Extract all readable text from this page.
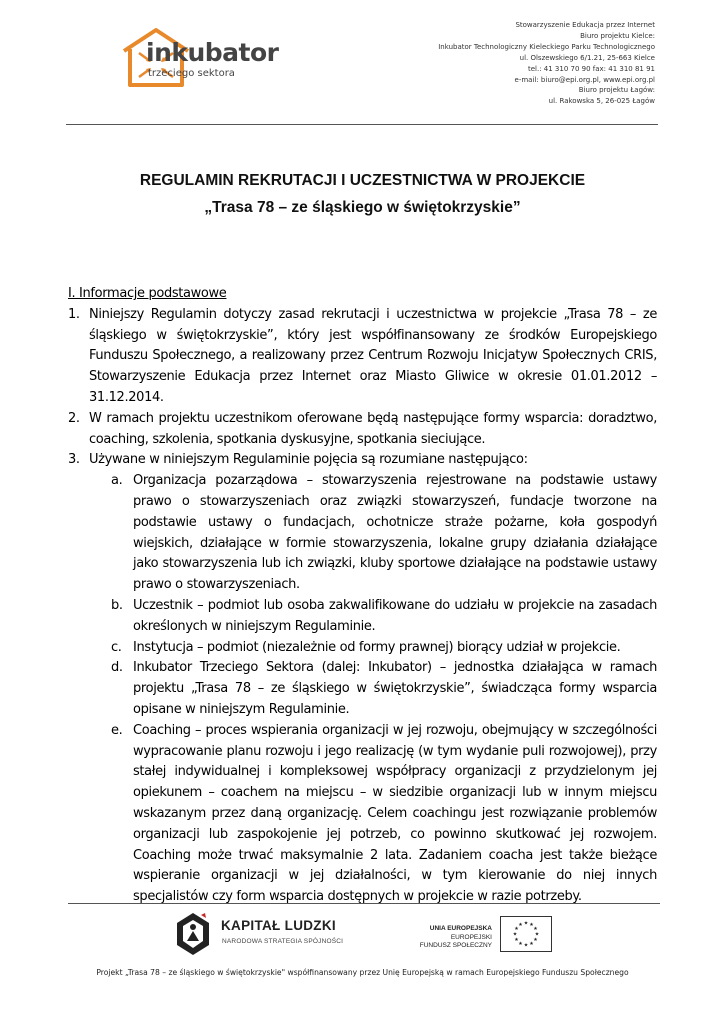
inkubator
trzeciego sektora
Stowarzyszenie Edukacja przez Internet
Biuro projektu Kielce:
Inkubator Technologiczny Kieleckiego Parku Technologicznego
ul. Olszewskiego 6/1.21, 25-663 Kielce
tel.: 41 310 70 90 fax: 41 310 81 91
e-mail: biuro@epi.org.pl, www.epi.org.pl
Biuro projektu Łagów:
ul. Rakowska 5, 26-025 Łagów
REGULAMIN REKRUTACJI I UCZESTNICTWA W PROJEKCIE
„Trasa 78 – ze śląskiego w świętokrzyskie”
I. Informacje podstawowe
1. Niniejszy Regulamin dotyczy zasad rekrutacji i uczestnictwa w projekcie „Trasa 78 – ze śląskiego w świętokrzyskie”, który jest współfinansowany ze środków Europejskiego Funduszu Społecznego, a realizowany przez Centrum Rozwoju Inicjatyw Społecznych CRIS, Stowarzyszenie Edukacja przez Internet oraz Miasto Gliwice w okresie 01.01.2012 – 31.12.2014.
2. W ramach projektu uczestnikom oferowane będą następujące formy wsparcia: doradztwo, coaching, szkolenia, spotkania dyskusyjne, spotkania sieciujące.
3. Używane w niniejszym Regulaminie pojęcia są rozumiane następująco:
a. Organizacja pozarządowa – stowarzyszenia rejestrowane na podstawie ustawy prawo o stowarzyszeniach oraz związki stowarzyszeń, fundacje tworzone na podstawie ustawy o fundacjach, ochotnicze straże pożarne, koła gospodyń wiejskich, działające w formie stowarzyszenia, lokalne grupy działania działające jako stowarzyszenia lub ich związki, kluby sportowe działające na podstawie ustawy prawo o stowarzyszeniach.
b. Uczestnik – podmiot lub osoba zakwalifikowane do udziału w projekcie na zasadach określonych w niniejszym Regulaminie.
c. Instytucja – podmiot (niezależnie od formy prawnej) biorący udział w projekcie.
d. Inkubator Trzeciego Sektora (dalej: Inkubator) – jednostka działająca w ramach projektu „Trasa 78 – ze śląskiego w świętokrzyskie”, świadcząca formy wsparcia opisane w niniejszym Regulaminie.
e. Coaching – proces wspierania organizacji w jej rozwoju, obejmujący w szczególności wypracowanie planu rozwoju i jego realizację (w tym wydanie puli rozwojowej), przy stałej indywidualnej i kompleksowej współpracy organizacji z przydzielonym jej opiekunem – coachem na miejscu – w siedzibie organizacji lub w innym miejscu wskazanym przez daną organizację. Celem coachingu jest rozwiązanie problemów organizacji lub zaspokojenie jej potrzeb, co powinno skutkować jej rozwojem. Coaching może trwać maksymalnie 2 lata. Zadaniem coacha jest także bieżące wspieranie organizacji w jej działalności, w tym kierowanie do niej innych specjalistów czy form wsparcia dostępnych w projekcie w razie potrzeby.
KAPITAŁ LUDZKI
NARODOWA STRATEGIA SPÓJNOŚCI
UNIA EUROPEJSKA
EUROPEJSKI
FUNDUSZ SPOŁECZNY
★
★
★
★
★
★
★
★
★ ★ ★
★
Projekt „Trasa 78 – ze śląskiego w świętokrzyskie" współfinansowany przez Unię Europejską w ramach Europejskiego Funduszu Społecznego
